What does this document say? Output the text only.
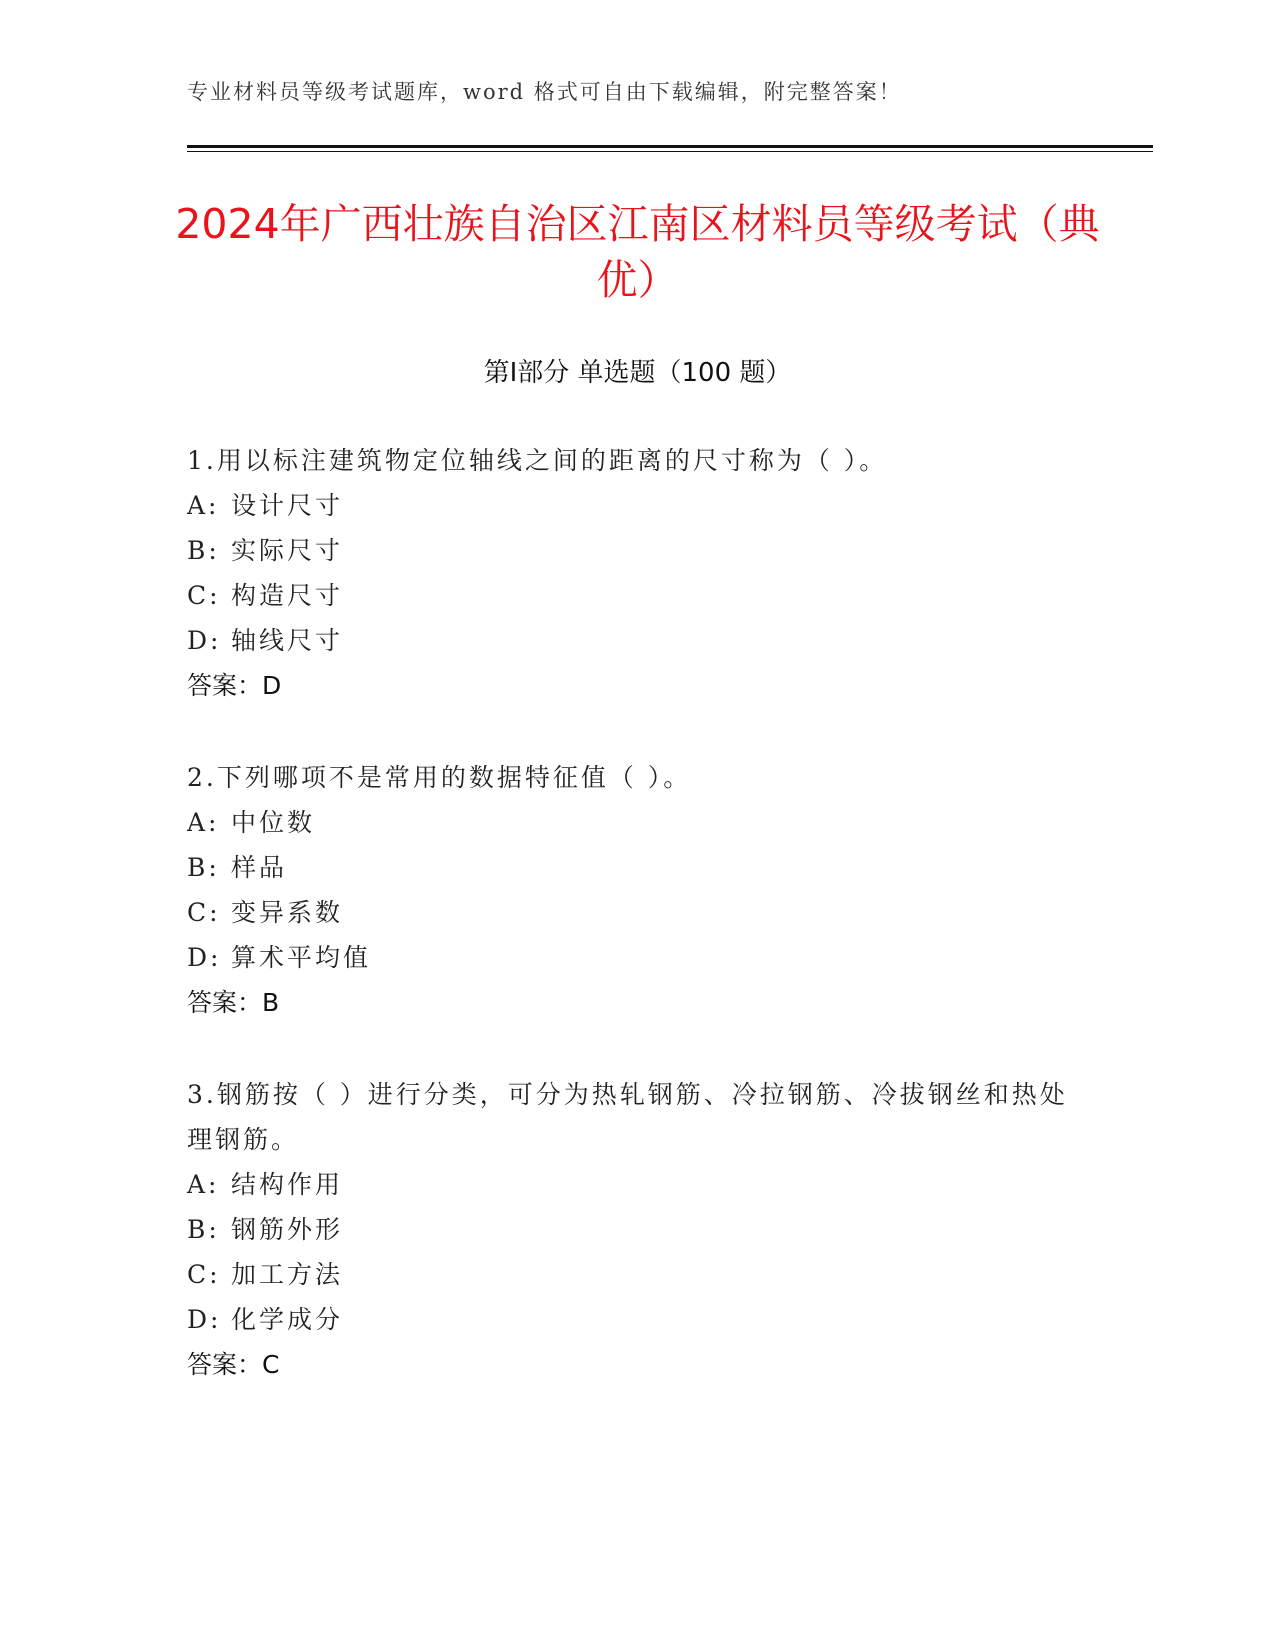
专业材料员等级考试题库，word 格式可自由下载编辑，附完整答案！
2024年广西壮族自治区江南区材料员等级考试（典优）
第Ⅰ部分 单选题（100 题）
1.用以标注建筑物定位轴线之间的距离的尺寸称为（ ）。
A: 设计尺寸
B: 实际尺寸
C: 构造尺寸
D: 轴线尺寸
答案：D
2.下列哪项不是常用的数据特征值（ ）。
A: 中位数
B: 样品
C: 变异系数
D: 算术平均值
答案：B
3.钢筋按（ ）进行分类，可分为热轧钢筋、冷拉钢筋、冷拔钢丝和热处理钢筋。
A: 结构作用
B: 钢筋外形
C: 加工方法
D: 化学成分
答案：C
